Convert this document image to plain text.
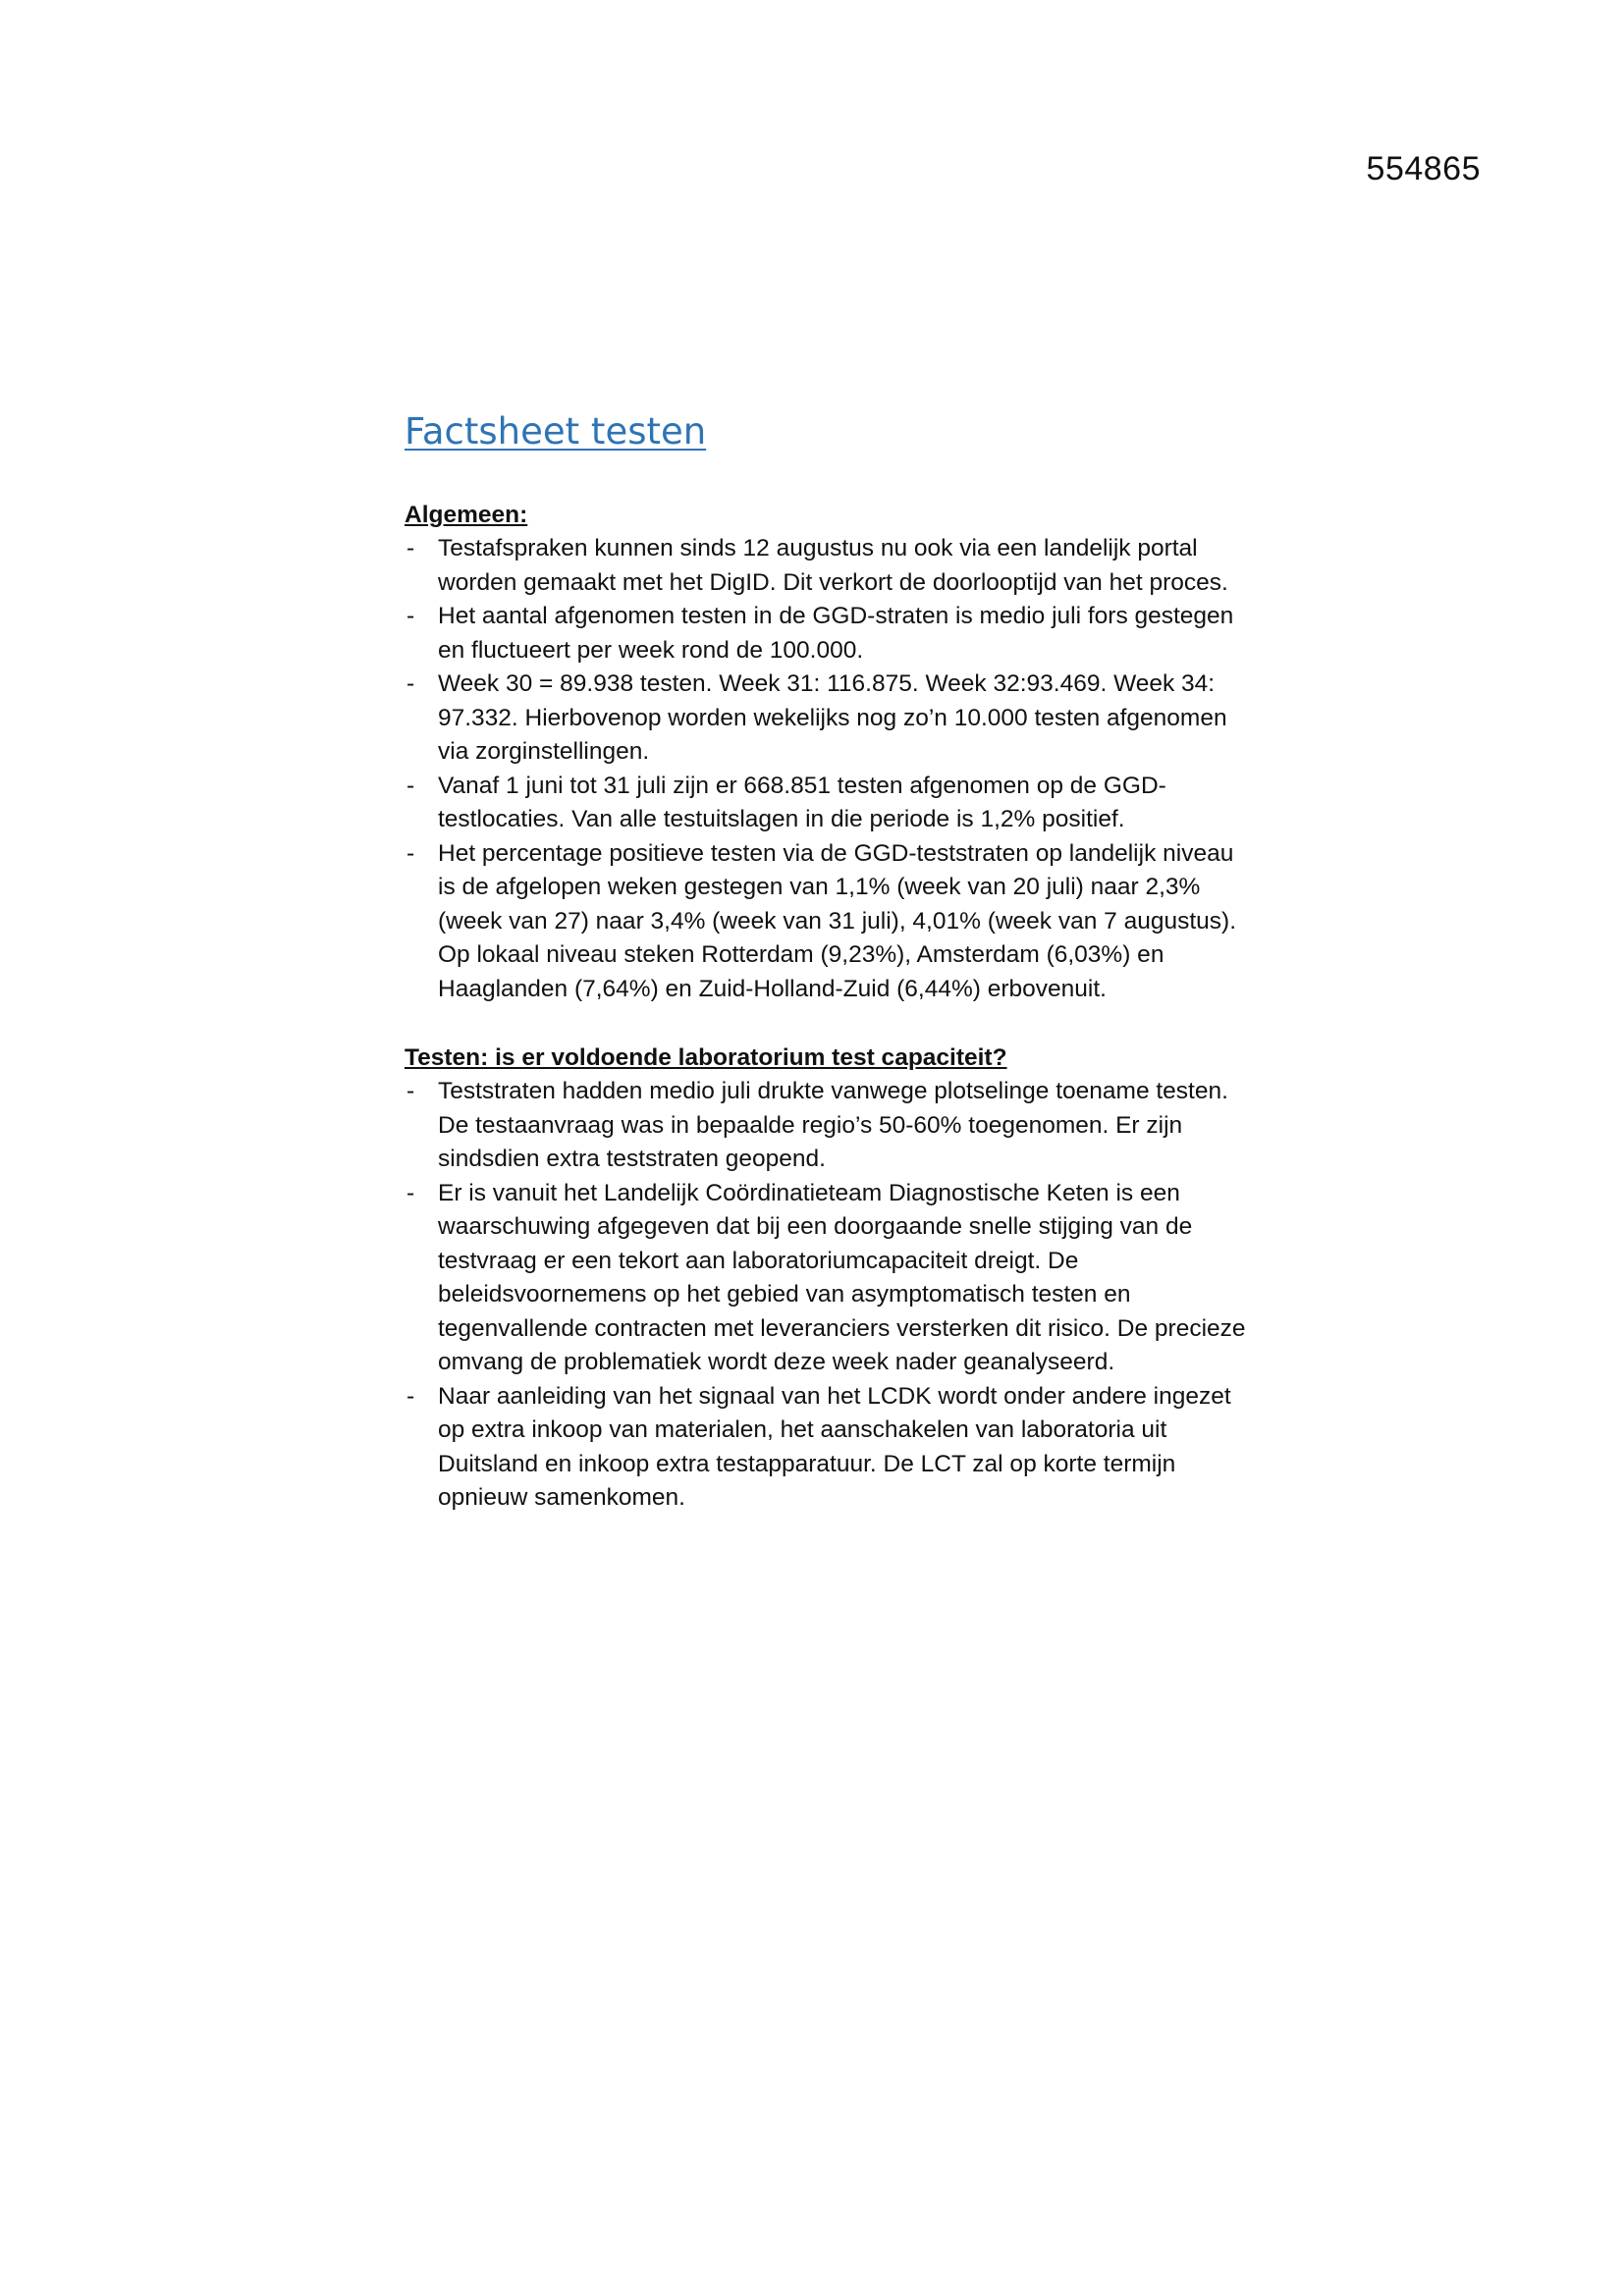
554865
Factsheet testen

Algemeen:

- Testafspraken kunnen sinds 12 augustus nu ook via een landelijk portal worden gemaakt met het DigID. Dit verkort de doorlooptijd van het proces.
- Het aantal afgenomen testen in de GGD-straten is medio juli fors gestegen en fluctueert per week rond de 100.000.
- Week 30 = 89.938 testen. Week 31: 116.875. Week 32:93.469. Week 34: 97.332. Hierbovenop worden wekelijks nog zo’n 10.000 testen afgenomen via zorginstellingen.
- Vanaf 1 juni tot 31 juli zijn er 668.851 testen afgenomen op de GGD-testlocaties. Van alle testuitslagen in die periode is 1,2% positief.
- Het percentage positieve testen via de GGD-teststraten op landelijk niveau is de afgelopen weken gestegen van 1,1% (week van 20 juli) naar 2,3% (week van 27) naar 3,4% (week van 31 juli), 4,01% (week van 7 augustus). Op lokaal niveau steken Rotterdam (9,23%), Amsterdam (6,03%) en Haaglanden (7,64%) en Zuid-Holland-Zuid (6,44%) erbovenuit.

Testen: is er voldoende laboratorium test capaciteit?

- Teststraten hadden medio juli drukte vanwege plotselinge toename testen. De testaanvraag was in bepaalde regio’s 50-60% toegenomen. Er zijn sindsdien extra teststraten geopend.
- Er is vanuit het Landelijk Coördinatieteam Diagnostische Keten is een waarschuwing afgegeven dat bij een doorgaande snelle stijging van de testvraag er een tekort aan laboratoriumcapaciteit dreigt. De beleidsvoornemens op het gebied van asymptomatisch testen en tegenvallende contracten met leveranciers versterken dit risico. De precieze omvang de problematiek wordt deze week nader geanalyseerd.
- Naar aanleiding van het signaal van het LCDK wordt onder andere ingezet op extra inkoop van materialen, het aanschakelen van laboratoria uit Duitsland en inkoop extra testapparatuur. De LCT zal op korte termijn opnieuw samenkomen.
